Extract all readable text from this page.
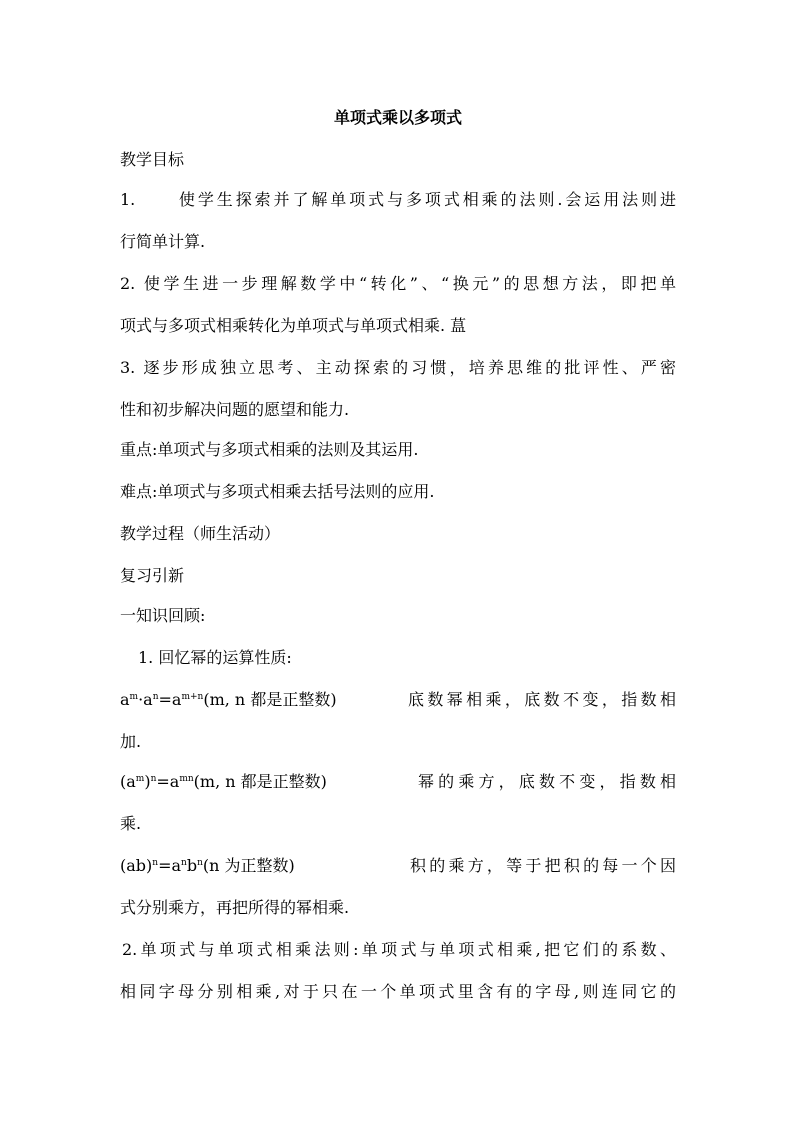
单项式乘以多项式
教学目标
1.	使学生探索并了解单项式与多项式相乘的法则.会运用法则进
行简单计算.
2. 使学生进一步理解数学中“转化”、“换元”的思想方法，即把单
项式与多项式相乘转化为单项式与单项式相乘. 蒀
3. 逐步形成独立思考、主动探索的习惯，培养思维的批评性、严密
性和初步解决问题的愿望和能力.
重点:单项式与多项式相乘的法则及其运用.
难点:单项式与多项式相乘去括号法则的应用.
教学过程（师生活动）
复习引新
一知识回顾:
1. 回忆幂的运算性质:
$a^m\cdot a^n=a^{m+n}(m$, n 都是正整数)	底数幂相乘，底数不变，指数相
加.
$(a^m)^n=a^{mn}(m$, n 都是正整数)	幂的乘方，底数不变，指数相
乘.
$(ab)^n=a^nb^n(n$ 为正整数)	积的乘方，等于把积的每一个因
式分别乘方，再把所得的幂相乘.
2.单项式与单项式相乘法则:单项式与单项式相乘,把它们的系数、
相同字母分别相乘,对于只在一个单项式里含有的字母,则连同它的
